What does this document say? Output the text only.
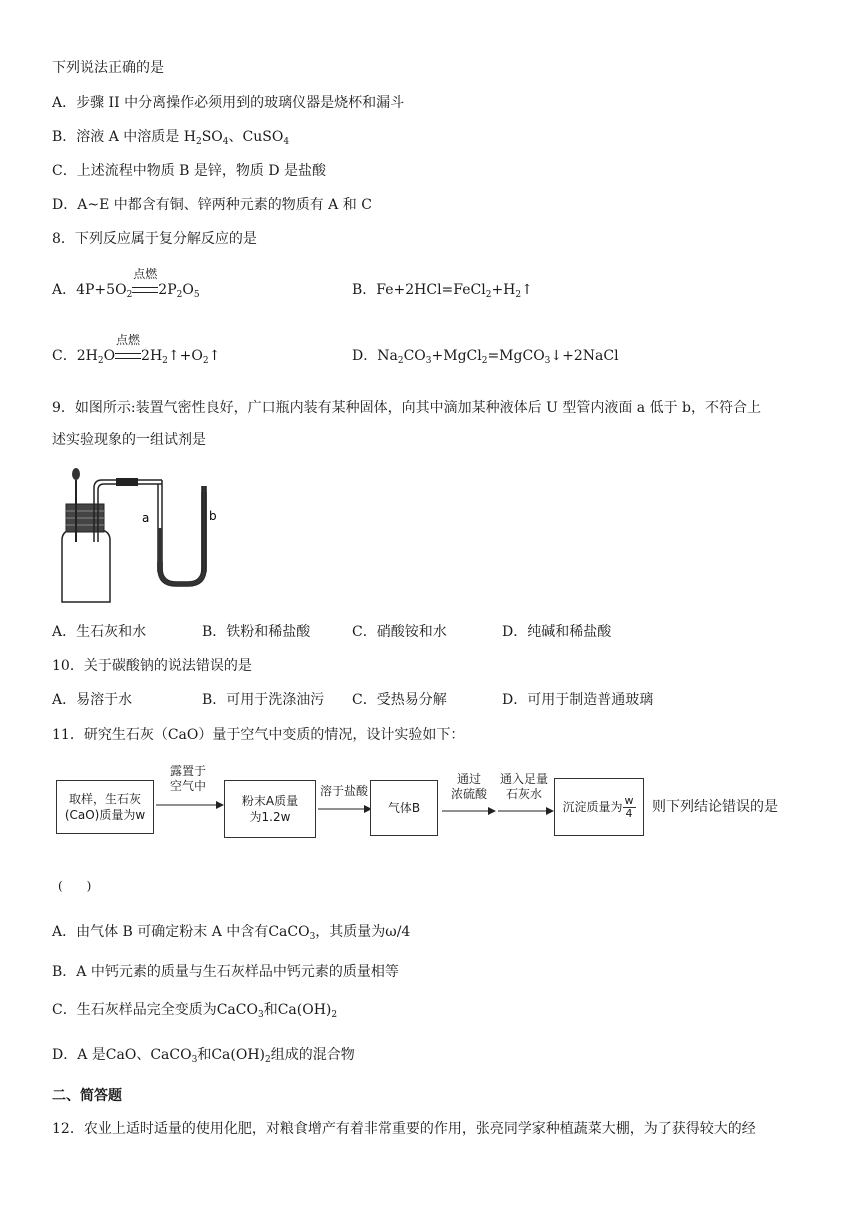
下列说法正确的是
A．步骤 II 中分离操作必须用到的玻璃仪器是烧杯和漏斗
B．溶液 A 中溶质是 $H_2SO_4$、CuSO$_4$
C．上述流程中物质 B 是锌，物质 D 是盐酸
D．A~E 中都含有铜、锌两种元素的物质有 A 和 C
8．下列反应属于复分解反应的是
A．$4P+5O_2$
点燃
$2P_2O_5$	B．$Fe+2HCl=FeCl_2+H_2↑$
C．$2H_2O$
点燃
$2H_2↑+O_2↑$	D．$Na_2CO_3+MgCl_2=MgCO_3↓+2NaCl$
9．如图所示:装置气密性良好，广口瓶内装有某种固体，向其中滴加某种液体后 U 型管内液面 a 低于 b，不符合上
述实验现象的一组试剂是
a	b
A．生石灰和水	B．铁粉和稀盐酸	C．硝酸铵和水	D．纯碱和稀盐酸
10．关于碳酸钠的说法错误的是
A．易溶于水	B．可用于洗涤油污 C．受热易分解	D．可用于制造普通玻璃
11．研究生石灰（CaO）量于空气中变质的情况，设计实验如下：
取样，生石灰
(CaO)质量为w
露置于
空气中
粉末A质量
为1.2w
溶于盐酸
气体B
通过
浓硫酸
通入足量
石灰水
沉淀质量为 $\frac{w}{4}$ 则下列结论错误的是
(　　)
A．由气体 B 可确定粉末 A 中含有CaCO$_3$，其质量为ω/4
B．A 中钙元素的质量与生石灰样品中钙元素的质量相等
C．生石灰样品完全变质为CaCO$_3$和$Ca(OH)_2$
D．A 是CaO、CaCO$_3$和$Ca(OH)_2$组成的混合物
二、简答题
12．农业上适时适量的使用化肥，对粮食增产有着非常重要的作用，张亮同学家种植蔬菜大棚，为了获得较大的经
